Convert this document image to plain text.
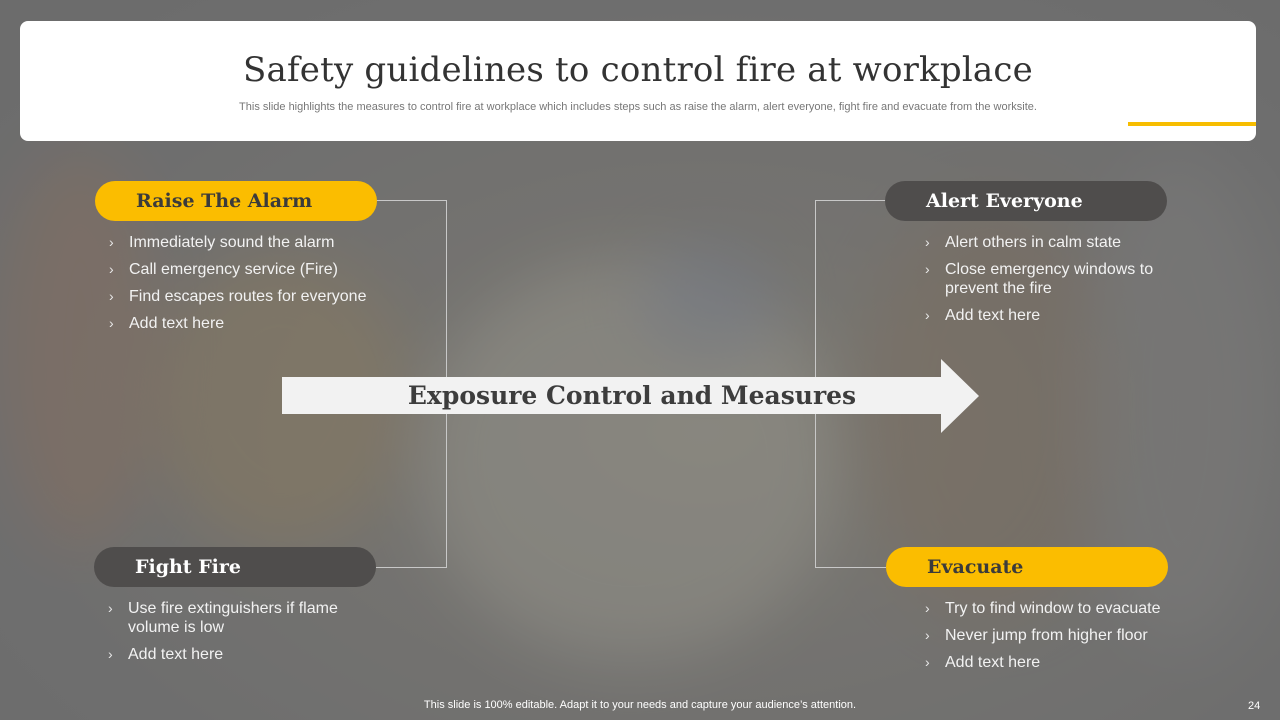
Safety guidelines to control fire at workplace
This slide highlights the measures to control fire at workplace which includes steps such as raise the alarm, alert everyone, fight fire and evacuate from the worksite.
Exposure Control and Measures
Raise The Alarm
› Immediately sound the alarm
› Call emergency service (Fire)
› Find escapes routes for everyone
› Add text here
Alert Everyone
› Alert others in calm state
› Close emergency windows to prevent the fire
› Add text here
Fight Fire
› Use fire extinguishers if flame volume is low
› Add text here
Evacuate
› Try to find window to evacuate
› Never jump from higher floor
› Add text here
This slide is 100% editable. Adapt it to your needs and capture your audience’s attention.	24
